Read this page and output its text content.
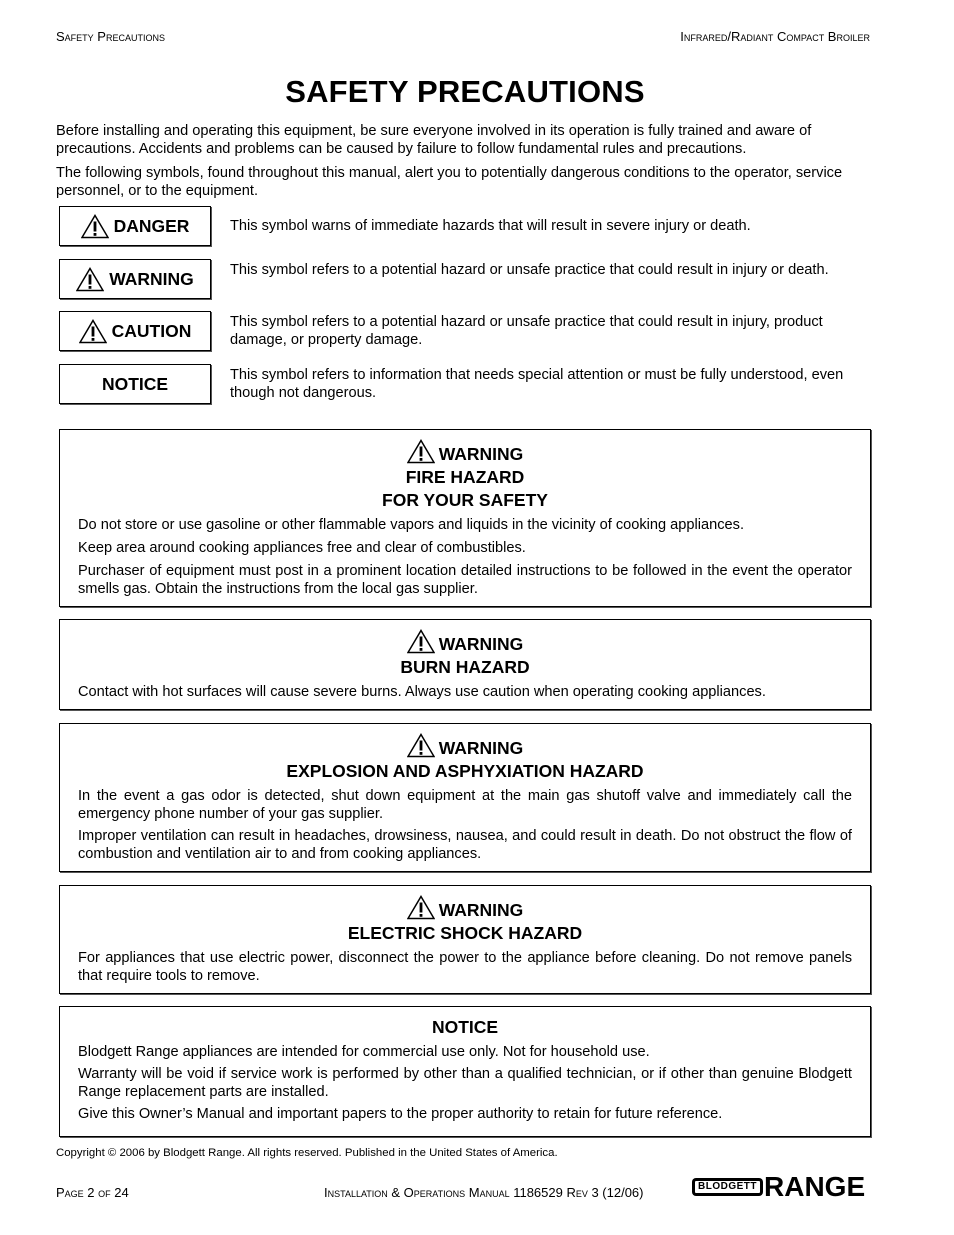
Safety Precautions	Infrared/Radiant Compact Broiler
SAFETY PRECAUTIONS
Before installing and operating this equipment, be sure everyone involved in its operation is fully trained and aware of precautions. Accidents and problems can be caused by failure to follow fundamental rules and precautions.
The following symbols, found throughout this manual, alert you to potentially dangerous conditions to the operator, service personnel, or to the equipment.
DANGER	This symbol warns of immediate hazards that will result in severe injury or death.
WARNING This symbol refers to a potential hazard or unsafe practice that could result in injury or death.
CAUTION	This symbol refers to a potential hazard or unsafe practice that could result in injury, product damage, or property damage.
NOTICE	This symbol refers to information that needs special attention or must be fully understood, even though not dangerous.
WARNING
FIRE HAZARD
FOR YOUR SAFETY

Do not store or use gasoline or other flammable vapors and liquids in the vicinity of cooking appliances.

Keep area around cooking appliances free and clear of combustibles.

Purchaser of equipment must post in a prominent location detailed instructions to be followed in the event the operator smells gas. Obtain the instructions from the local gas supplier.

WARNING
BURN HAZARD

Contact with hot surfaces will cause severe burns. Always use caution when operating cooking appliances.

WARNING
EXPLOSION AND ASPHYXIATION HAZARD

In the event a gas odor is detected, shut down equipment at the main gas shutoff valve and immediately call the emergency phone number of your gas supplier.

Improper ventilation can result in headaches, drowsiness, nausea, and could result in death. Do not obstruct the flow of combustion and ventilation air to and from cooking appliances.

WARNING
ELECTRIC SHOCK HAZARD

For appliances that use electric power, disconnect the power to the appliance before cleaning. Do not remove panels that require tools to remove.

NOTICE

Blodgett Range appliances are intended for commercial use only. Not for household use.

Warranty will be void if service work is performed by other than a qualified technician, or if other than genuine Blodgett Range replacement parts are installed.

Give this Owner’s Manual and important papers to the proper authority to retain for future reference.

Copyright © 2006 by Blodgett Range. All rights reserved. Published in the United States of America.
Page 2 of 24	Installation & Operations Manual 1186529 Rev 3 (12/06)	BLODGETT RANGE
